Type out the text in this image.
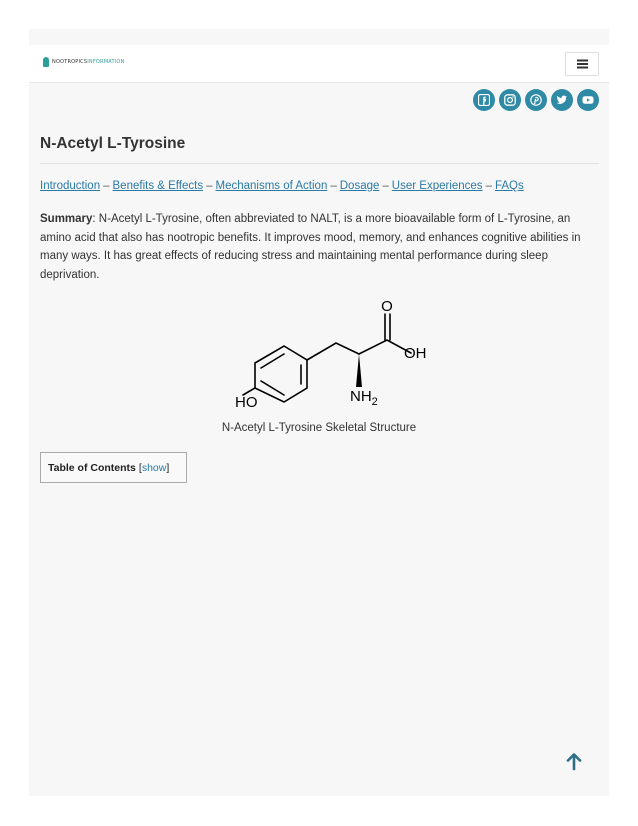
NOOTROPICSINFORMATION
N-Acetyl L-Tyrosine
Introduction – Benefits & Effects – Mechanisms of Action – Dosage – User Experiences – FAQs

Summary: N-Acetyl L-Tyrosine, often abbreviated to NALT, is a more bioavailable form of L-Tyrosine, an amino acid that also has nootropic benefits. It improves mood, memory, and enhances cognitive abilities in many ways. It has great effects of reducing stress and maintaining mental performance during sleep deprivation.

O
OH
HO	$NH_2$
N-Acetyl L-Tyrosine Skeletal Structure
Table of Contents [ show ]
